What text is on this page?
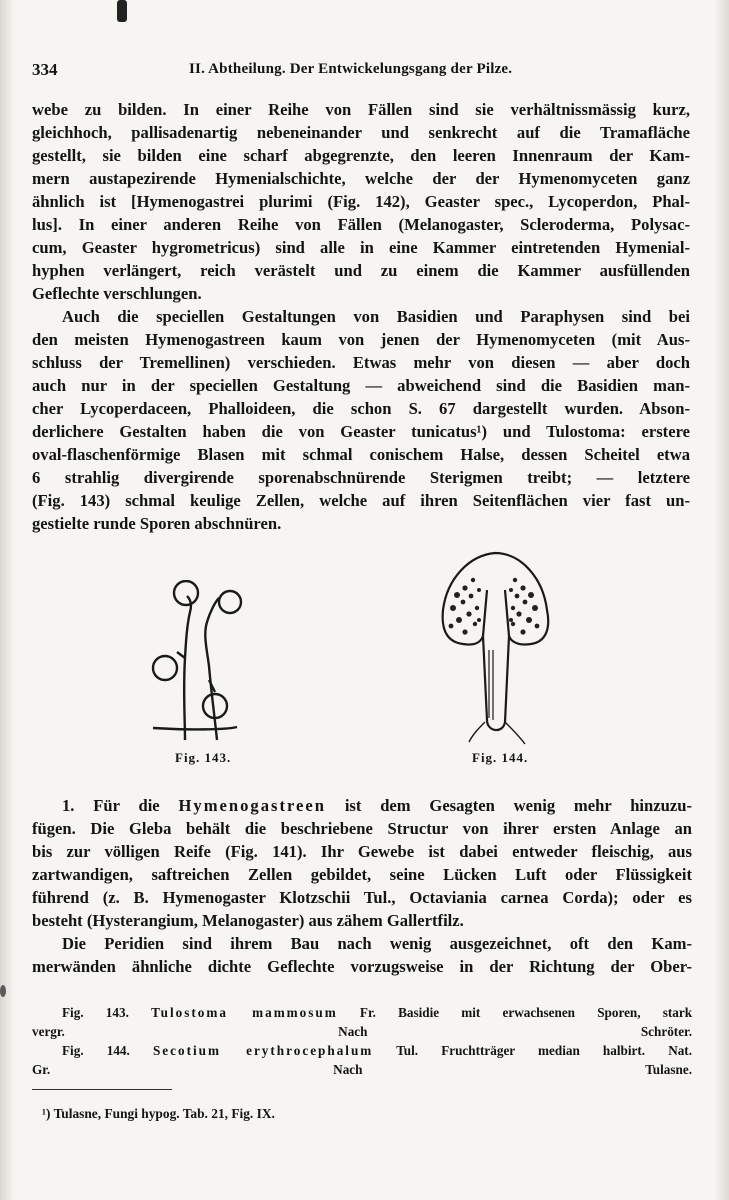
334	II. Abtheilung. Der Entwickelungsgang der Pilze.

webe zu bilden. In einer Reihe von Fällen sind sie verhältnissmässig kurz,
gleichhoch, pallisadenartig nebeneinander und senkrecht auf die Tramafläche
gestellt, sie bilden eine scharf abgegrenzte, den leeren Innenraum der Kam-
mern austapezirende Hymenialschichte, welche der der Hymenomyceten ganz
ähnlich ist [Hymenogastrei plurimi (Fig. 142), Geaster spec., Lycoperdon, Phal-
lus]. In einer anderen Reihe von Fällen (Melanogaster, Scleroderma, Polysac-
cum, Geaster hygrometricus) sind alle in eine Kammer eintretenden Hymenial-
hyphen verlängert, reich verästelt und zu einem die Kammer ausfüllenden
Geflechte verschlungen.

Auch die speciellen Gestaltungen von Basidien und Paraphysen sind bei
den meisten Hymenogastreen kaum von jenen der Hymenomyceten (mit Aus-
schluss der Tremellinen) verschieden. Etwas mehr von diesen — aber doch
auch nur in der speciellen Gestaltung — abweichend sind die Basidien man-
cher Lycoperdaceen, Phalloideen, die schon S. 67 dargestellt wurden. Abson-
derlichere Gestalten haben die von Geaster tunicatus¹) und Tulostoma: erstere
oval-flaschenförmige Blasen mit schmal conischem Halse, dessen Scheitel etwa
6 strahlig divergirende sporenabschnürende Sterigmen treibt; — letztere
(Fig. 143) schmal keulige Zellen, welche auf ihren Seitenflächen vier fast un-
gestielte runde Sporen abschnüren.

Fig. 143.	Fig. 144.
1. Für die Hymenogastreen ist dem Gesagten wenig mehr hinzuzu-
fügen. Die Gleba behält die beschriebene Structur von ihrer ersten Anlage an
bis zur völligen Reife (Fig. 141). Ihr Gewebe ist dabei entweder fleischig, aus
zartwandigen, saftreichen Zellen gebildet, seine Lücken Luft oder Flüssigkeit
führend (z. B. Hymenogaster Klotzschii Tul., Octaviania carnea Corda); oder es
besteht (Hysterangium, Melanogaster) aus zähem Gallertfilz.
Die Peridien sind ihrem Bau nach wenig ausgezeichnet, oft den Kam-
merwänden ähnliche dichte Geflechte vorzugsweise in der Richtung der Ober-
Fig. 143. Tulostoma mammosum Fr. Basidie mit erwachsenen Sporen, stark
vergr. Nach Schröter.
Fig. 144. Secotium erythrocephalum Tul. Fruchtträger median halbirt. Nat.
Gr. Nach Tulasne.
¹) Tulasne, Fungi hypog. Tab. 21, Fig. IX.
